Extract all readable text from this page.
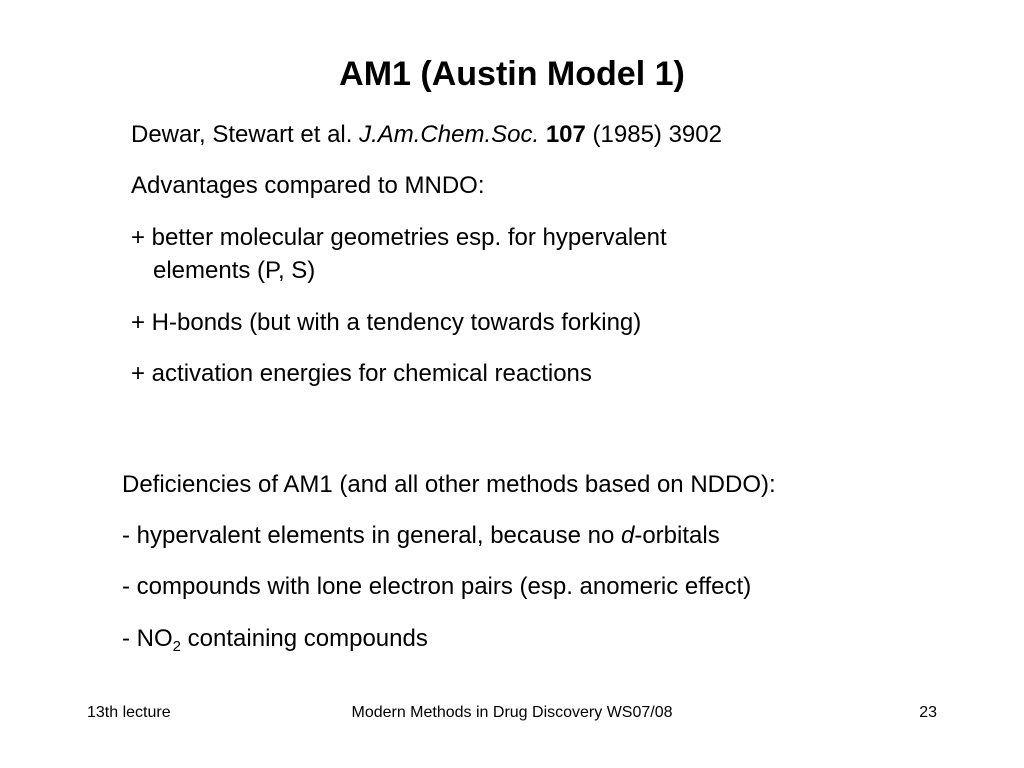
AM1 (Austin Model 1)

Dewar, Stewart et al. J.Am.Chem.Soc. 107 (1985) 3902

Advantages compared to MNDO:

+ better molecular geometries esp. for hypervalent

elements (P, S)

+ H-bonds (but with a tendency towards forking)

+ activation energies for chemical reactions

Deficiencies of AM1 (and all other methods based on NDDO):

- hypervalent elements in general, because no d-orbitals

- compounds with lone electron pairs (esp. anomeric effect)

- $NO_2$ containing compounds

13th lecture	Modern Methods in Drug Discovery WS07/08	23
